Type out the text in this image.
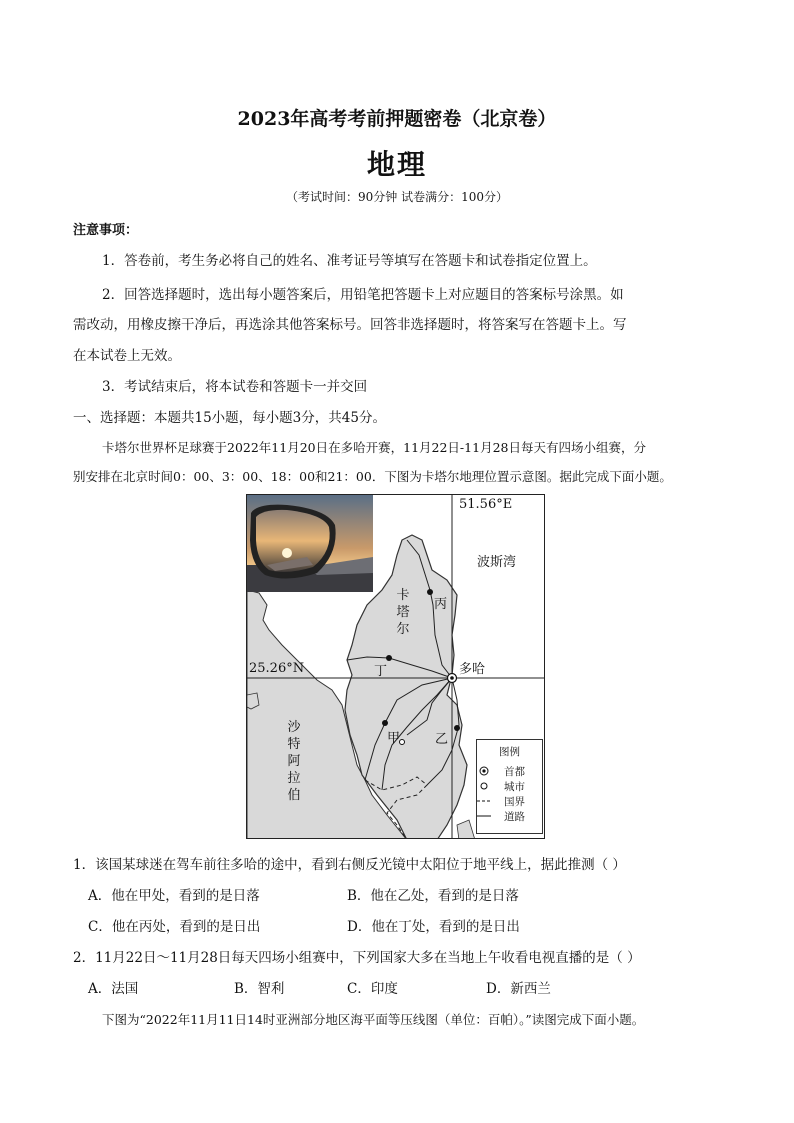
2023年高考考前押题密卷（北京卷）
地理
（考试时间：90分钟 试卷满分：100分）
注意事项：
1．答卷前，考生务必将自己的姓名、准考证号等填写在答题卡和试卷指定位置上。
2．回答选择题时，选出每小题答案后，用铅笔把答题卡上对应题目的答案标号涂黑。如
需改动，用橡皮擦干净后，再选涂其他答案标号。回答非选择题时，将答案写在答题卡上。写
在本试卷上无效。
3．考试结束后，将本试卷和答题卡一并交回
一、选择题：本题共15小题，每小题3分，共45分。
卡塔尔世界杯足球赛于2022年11月20日在多哈开赛，11月22日-11月28日每天有四场小组赛，分
别安排在北京时间0：00、3：00、18：00和21：00．下图为卡塔尔地理位置示意图。据此完成下面小题。
51.56°E
波斯湾
卡塔尔
丙
25.26°N	丁	多哈
甲	乙
沙特阿拉伯
图例
首都
城市
国界
道路
1．该国某球迷在驾车前往多哈的途中，看到右侧反光镜中太阳位于地平线上，据此推测（ ）
A．他在甲处，看到的是日落	B．他在乙处，看到的是日落
C．他在丙处，看到的是日出	D．他在丁处，看到的是日出
2．11月22日～11月28日每天四场小组赛中，下列国家大多在当地上午收看电视直播的是（ ）
A．法国	B．智利	C．印度	D．新西兰
下图为“2022年11月11日14时亚洲部分地区海平面等压线图（单位：百帕）。”读图完成下面小题。
